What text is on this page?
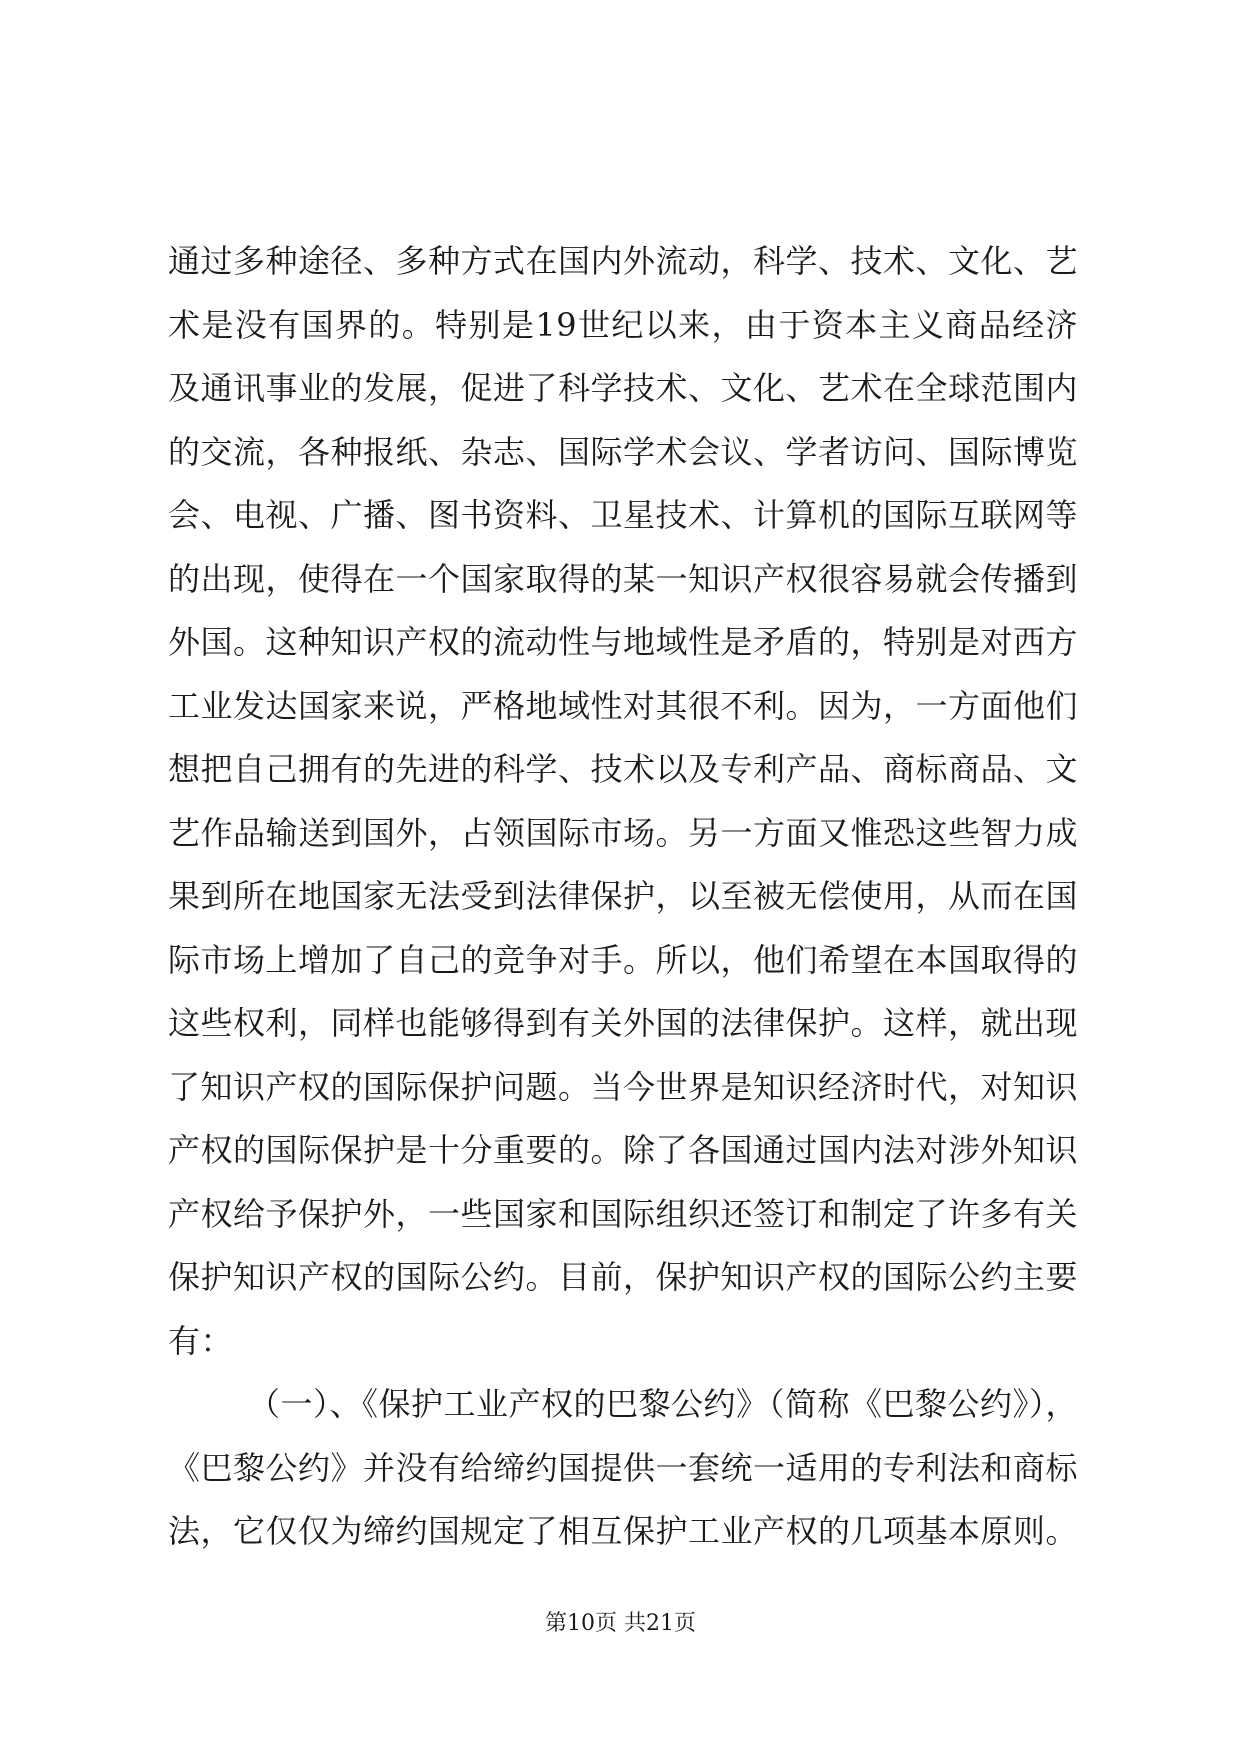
通过多种途径、多种方式在国内外流动，科学、技术、文化、艺
术是没有国界的。特别是19世纪以来，由于资本主义商品经济
及通讯事业的发展，促进了科学技术、文化、艺术在全球范围内
的交流，各种报纸、杂志、国际学术会议、学者访问、国际博览
会、电视、广播、图书资料、卫星技术、计算机的国际互联网等
的出现，使得在一个国家取得的某一知识产权很容易就会传播到
外国。这种知识产权的流动性与地域性是矛盾的，特别是对西方
工业发达国家来说，严格地域性对其很不利。因为，一方面他们
想把自己拥有的先进的科学、技术以及专利产品、商标商品、文
艺作品输送到国外，占领国际市场。另一方面又惟恐这些智力成
果到所在地国家无法受到法律保护，以至被无偿使用，从而在国
际市场上增加了自己的竞争对手。所以，他们希望在本国取得的
这些权利，同样也能够得到有关外国的法律保护。这样，就出现
了知识产权的国际保护问题。当今世界是知识经济时代，对知识
产权的国际保护是十分重要的。除了各国通过国内法对涉外知识
产权给予保护外，一些国家和国际组织还签订和制定了许多有关
保护知识产权的国际公约。目前，保护知识产权的国际公约主要
有：
（一）、《保护工业产权的巴黎公约》（简称《巴黎公约》），
《巴黎公约》并没有给缔约国提供一套统一适用的专利法和商标
法，它仅仅为缔约国规定了相互保护工业产权的几项基本原则。
第10页 共21页
